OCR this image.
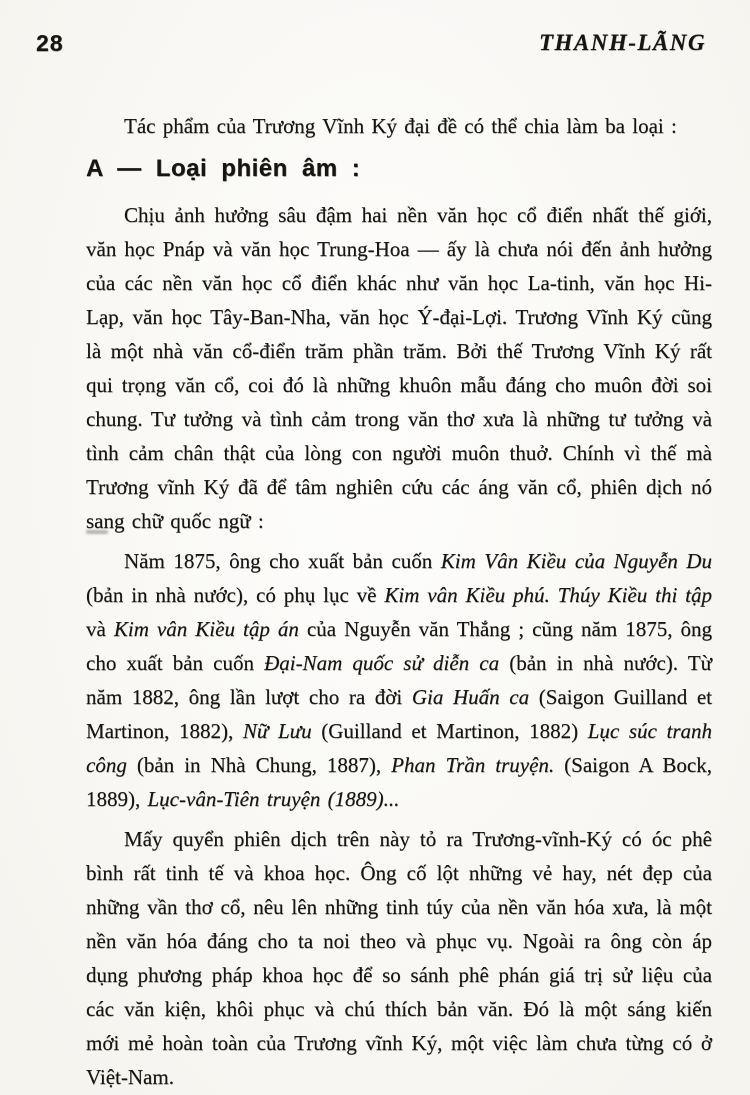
28	THANH-LÃNG

Tác phẩm của Trương Vĩnh Ký đại đề có thể chia làm ba loại :

A — Loại phiên âm :

Chịu ảnh hưởng sâu đậm hai nền văn học cổ điển nhất thế giới, văn học Pnáp và văn học Trung-Hoa — ấy là chưa nói đến ảnh hưởng của các nền văn học cổ điển khác như văn học La-tinh, văn học Hi-Lạp, văn học Tây-Ban-Nha, văn học Ý-đại-Lợi. Trương Vĩnh Ký cũng là một nhà văn cổ-điển trăm phần trăm. Bởi thế Trương Vĩnh Ký rất qui trọng văn cổ, coi đó là những khuôn mẫu đáng cho muôn đời soi chung. Tư tưởng và tình cảm trong văn thơ xưa là những tư tưởng và tình cảm chân thật của lòng con người muôn thuở. Chính vì thế mà Trương vĩnh Ký đã để tâm nghiên cứu các áng văn cổ, phiên dịch nó sang chữ quốc ngữ :

Năm 1875, ông cho xuất bản cuốn Kim Vân Kiều của Nguyễn Du (bản in nhà nước), có phụ lục về Kim vân Kiều phú. Thúy Kiều thi tập và Kim vân Kiều tập án của Nguyễn văn Thắng ; cũng năm 1875, ông cho xuất bản cuốn Đại-Nam quốc sử diễn ca (bản in nhà nước). Từ năm 1882, ông lần lượt cho ra đời Gia Huấn ca (Saigon Guilland et Martinon, 1882), Nữ Lưu (Guilland et Martinon, 1882) Lục súc tranh công (bản in Nhà Chung, 1887), Phan Trần truyện. (Saigon A Bock, 1889), Lục-vân-Tiên truyện (1889)...

Mấy quyển phiên dịch trên này tỏ ra Trương-vĩnh-Ký có óc phê bình rất tinh tế và khoa học. Ông cố lột những vẻ hay, nét đẹp của những vần thơ cổ, nêu lên những tinh túy của nền văn hóa xưa, là một nền văn hóa đáng cho ta noi theo và phục vụ. Ngoài ra ông còn áp dụng phương pháp khoa học để so sánh phê phán giá trị sử liệu của các văn kiện, khôi phục và chú thích bản văn. Đó là một sáng kiến mới mẻ hoàn toàn của Trương vĩnh Ký, một việc làm chưa từng có ở Việt-Nam.
